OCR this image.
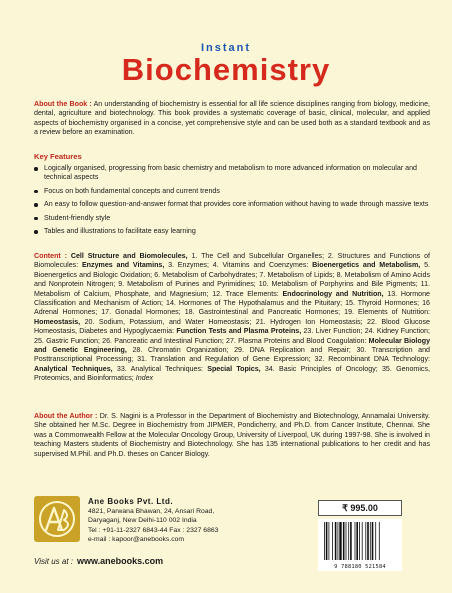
Instant
Biochemistry
About the Book : An understanding of biochemistry is essential for all life science disciplines ranging from biology, medicine, dental, agriculture and biotechnology. This book provides a systematic coverage of basic, clinical, molecular, and applied aspects of biochemistry organised in a concise, yet comprehensive style and can be used both as a standard textbook and as a review before an examination.
Key Features
Logically organised, progressing from basic chemistry and metabolism to more advanced information on molecular and technical aspects
Focus on both fundamental concepts and current trends
An easy to follow question-and-answer format that provides core information without having to wade through massive texts
Student-friendly style
Tables and illustrations to facilitate easy learning
Content : Cell Structure and Biomolecules, 1. The Cell and Subcellular Organelles; 2. Structures and Functions of Biomolecules: Enzymes and Vitamins, 3. Enzymes; 4. Vitamins and Coenzymes: Bioenergetics and Metabolism, 5. Bioenergetics and Biologic Oxidation; 6. Metabolism of Carbohydrates; 7. Metabolism of Lipids; 8. Metabolism of Amino Acids and Nonprotein Nitrogen; 9. Metabolism of Purines and Pyrimidines; 10. Metabolism of Porphyrins and Bile Pigments; 11. Metabolism of Calcium, Phosphate, and Magnesium; 12. Trace Elements: Endocrinology and Nutrition, 13. Hormone Classification and Mechanism of Action; 14. Hormones of The Hypothalamus and the Pituitary; 15. Thyroid Hormones; 16 Adrenal Hormones; 17. Gonadal Hormones; 18. Gastrointestinal and Pancreatic Hormones; 19. Elements of Nutrition: Homeostasis, 20. Sodium, Potassium, and Water Homeostasis; 21. Hydrogen Ion Homeostasis; 22. Blood Glucose Homeostasis, Diabetes and Hypoglycaemia: Function Tests and Plasma Proteins, 23. Liver Function; 24. Kidney Function; 25. Gastric Function; 26. Pancreatic and Intestinal Function; 27. Plasma Proteins and Blood Coagulation: Molecular Biology and Genetic Engineering, 28. Chromatin Organization; 29. DNA Replication and Repair; 30. Transcription and Posttranscriptional Processing; 31. Translation and Regulation of Gene Expression; 32. Recombinant DNA Technology: Analytical Techniques, 33. Analytical Techniques: Special Topics, 34. Basic Principles of Oncology; 35. Genomics, Proteomics, and Bioinformatics; Index
About the Author : Dr. S. Nagini is a Professor in the Department of Biochemistry and Biotechnology, Annamalai University. She obtained her M.Sc. Degree in Biochemistry from JIPMER, Pondicherry, and Ph.D. from Cancer Institute, Chennai. She was a Commonwealth Fellow at the Molecular Oncology Group, University of Liverpool, UK during 1997-98. She is involved in teaching Masters students of Biochemistry and Biotechnology. She has 135 international publications to her credit and has supervised M.Phil. and Ph.D. theses on Cancer Biology.
Ane Books Pvt. Ltd.
4821, Parwana Bhawan, 24, Ansari Road,
Daryaganj, New Delhi-110 002 India
Tel : +91-11-2327 6843-44 Fax : 2327 6863
e-mail : kapoor@anebooks.com
Visit us at : www.anebooks.com
₹ 995.00
9 788180 521584
